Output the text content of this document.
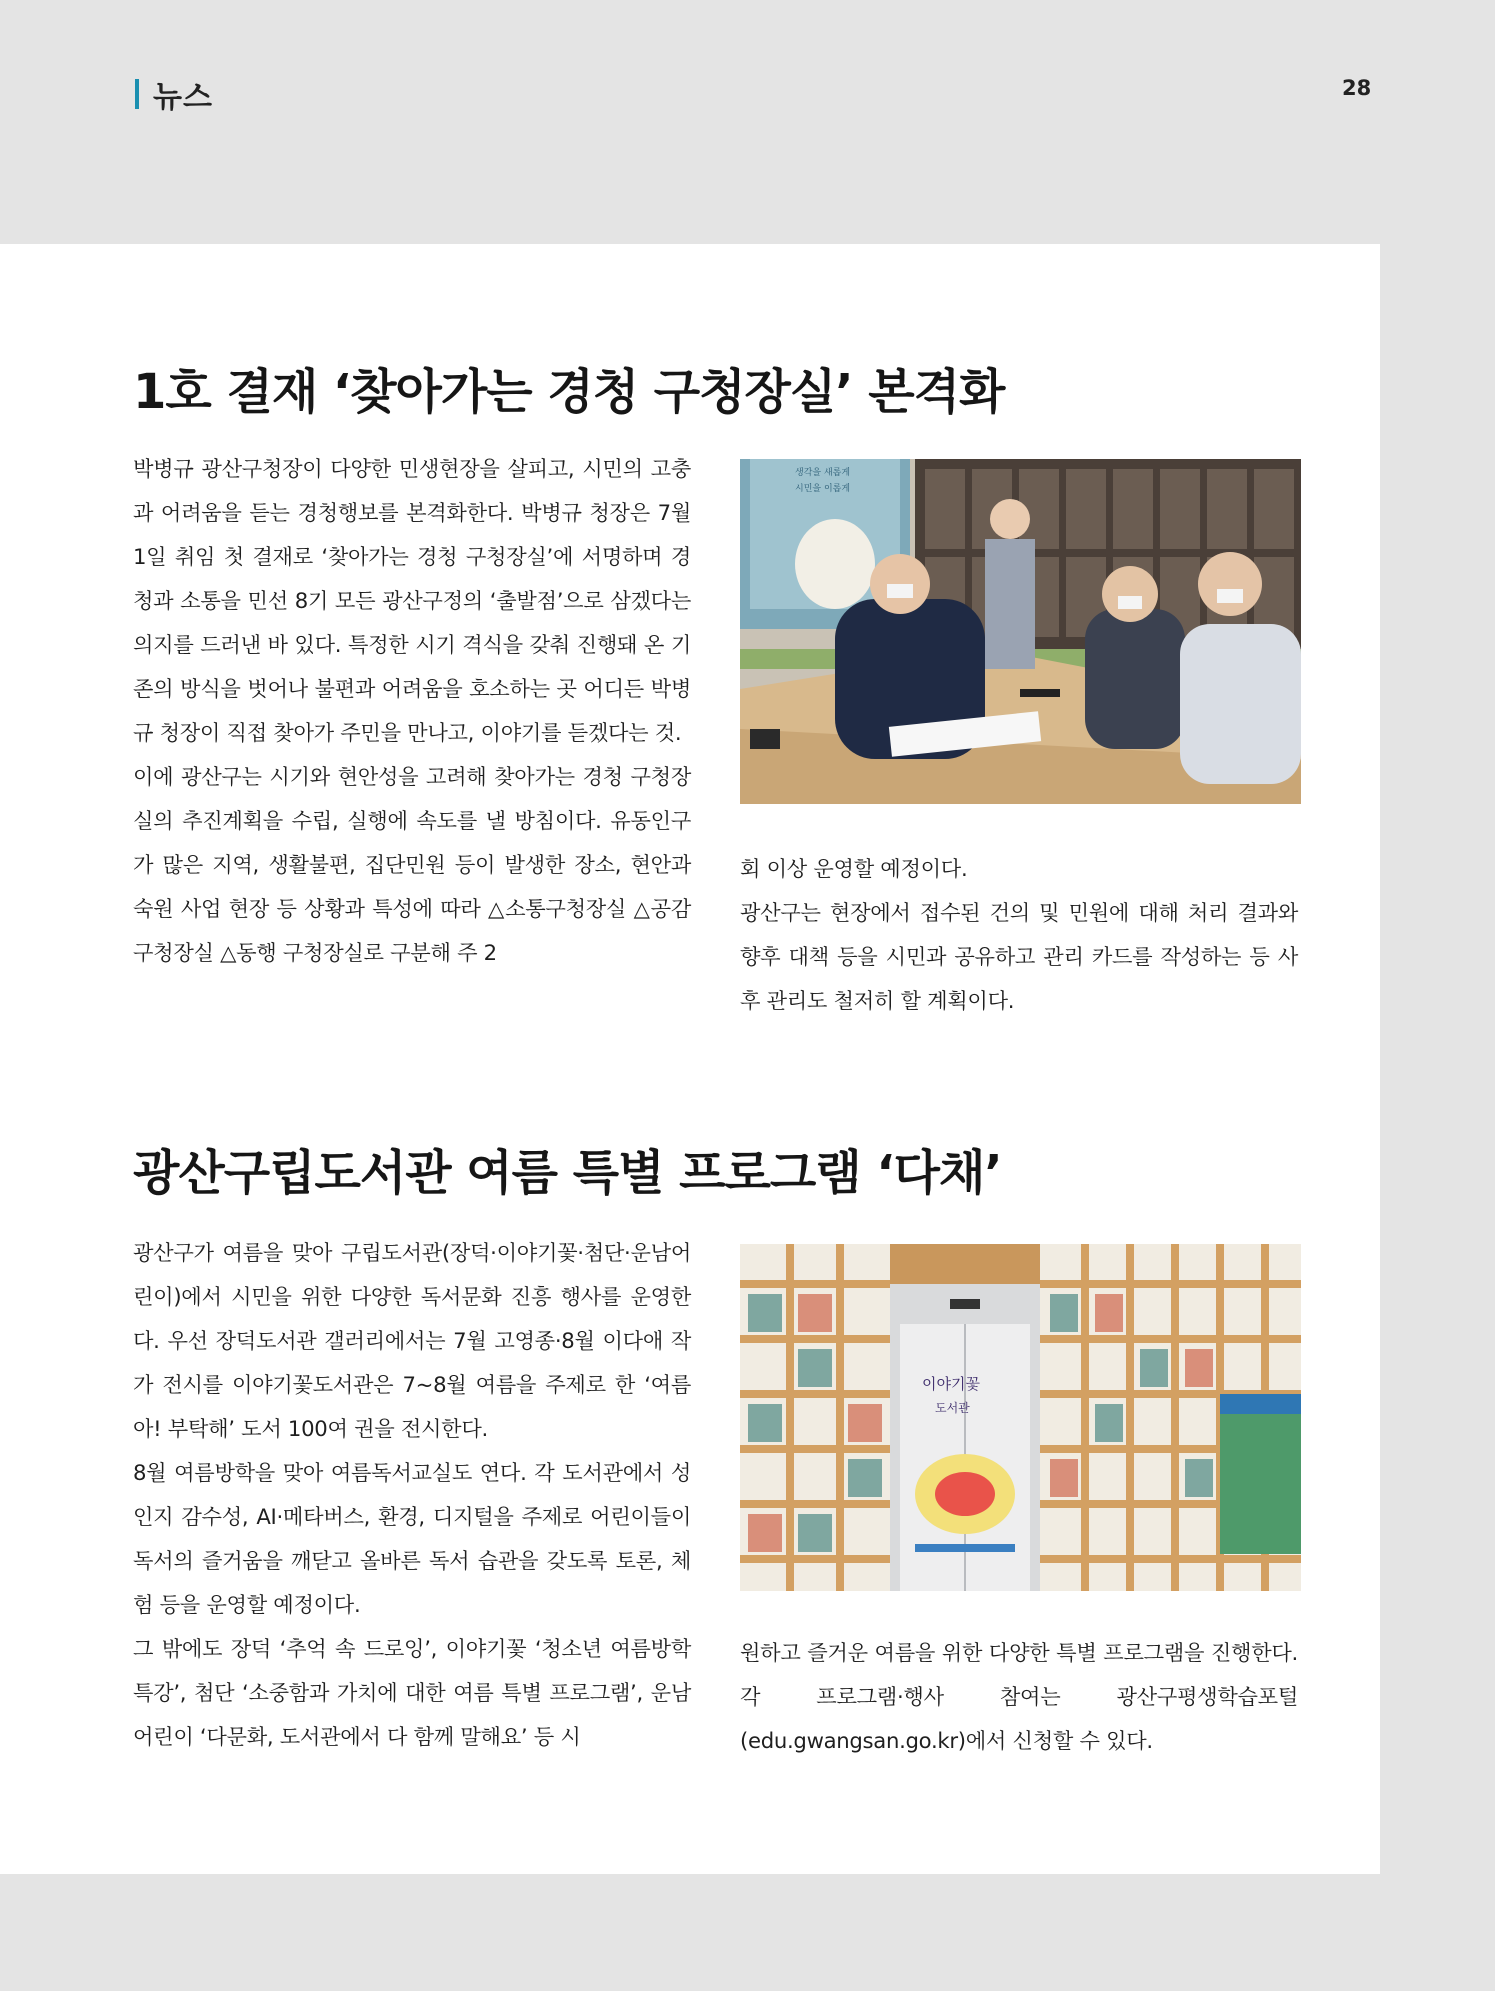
뉴스	28
1호 결재 ‘찾아가는 경청 구청장실’ 본격화

박병규 광산구청장이 다양한 민생현장을 살피고, 시민의 고충과 어려움을 듣는 경청행보를 본격화한다. 박병규 청장은 7월 1일 취임 첫 결재로 ‘찾아가는 경청 구청장실’에 서명하며 경청과 소통을 민선 8기 모든 광산구정의 ‘출발점’으로 삼겠다는 의지를 드러낸 바 있다. 특정한 시기 격식을 갖춰 진행돼 온 기존의 방식을 벗어나 불편과 어려움을 호소하는 곳 어디든 박병규 청장이 직접 찾아가 주민을 만나고, 이야기를 듣겠다는 것.

이에 광산구는 시기와 현안성을 고려해 찾아가는 경청 구청장실의 추진계획을 수립, 실행에 속도를 낼 방침이다. 유동인구가 많은 지역, 생활불편, 집단민원 등이 발생한 장소, 현안과 숙원 사업 현장 등 상황과 특성에 따라 △소통구청장실 △공감 구청장실 △동행 구청장실로 구분해 주 2

생각을 새롭게
시민을 이롭게

회 이상 운영할 예정이다.

광산구는 현장에서 접수된 건의 및 민원에 대해 처리 결과와 향후 대책 등을 시민과 공유하고 관리 카드를 작성하는 등 사후 관리도 철저히 할 계획이다.

광산구립도서관 여름 특별 프로그램 ‘다채’

광산구가 여름을 맞아 구립도서관(장덕·이야기꽃·첨단·운남어린이)에서 시민을 위한 다양한 독서문화 진흥 행사를 운영한다. 우선 장덕도서관 갤러리에서는 7월 고영종·8월 이다애 작가 전시를 이야기꽃도서관은 7~8월 여름을 주제로 한 ‘여름아! 부탁해’ 도서 100여 권을 전시한다.

8월 여름방학을 맞아 여름독서교실도 연다. 각 도서관에서 성인지 감수성, AI·메타버스, 환경, 디지털을 주제로 어린이들이 독서의 즐거움을 깨닫고 올바른 독서 습관을 갖도록 토론, 체험 등을 운영할 예정이다.

그 밖에도 장덕 ‘추억 속 드로잉’, 이야기꽃 ‘청소년 여름방학 특강’, 첨단 ‘소중함과 가치에 대한 여름 특별 프로그램’, 운남어린이 ‘다문화, 도서관에서 다 함께 말해요’ 등 시

이야기꽃
도서관

원하고 즐거운 여름을 위한 다양한 특별 프로그램을 진행한다. 각 프로그램·행사 참여는 광산구평생학습포털(edu.gwangsan.go.kr)에서 신청할 수 있다.
